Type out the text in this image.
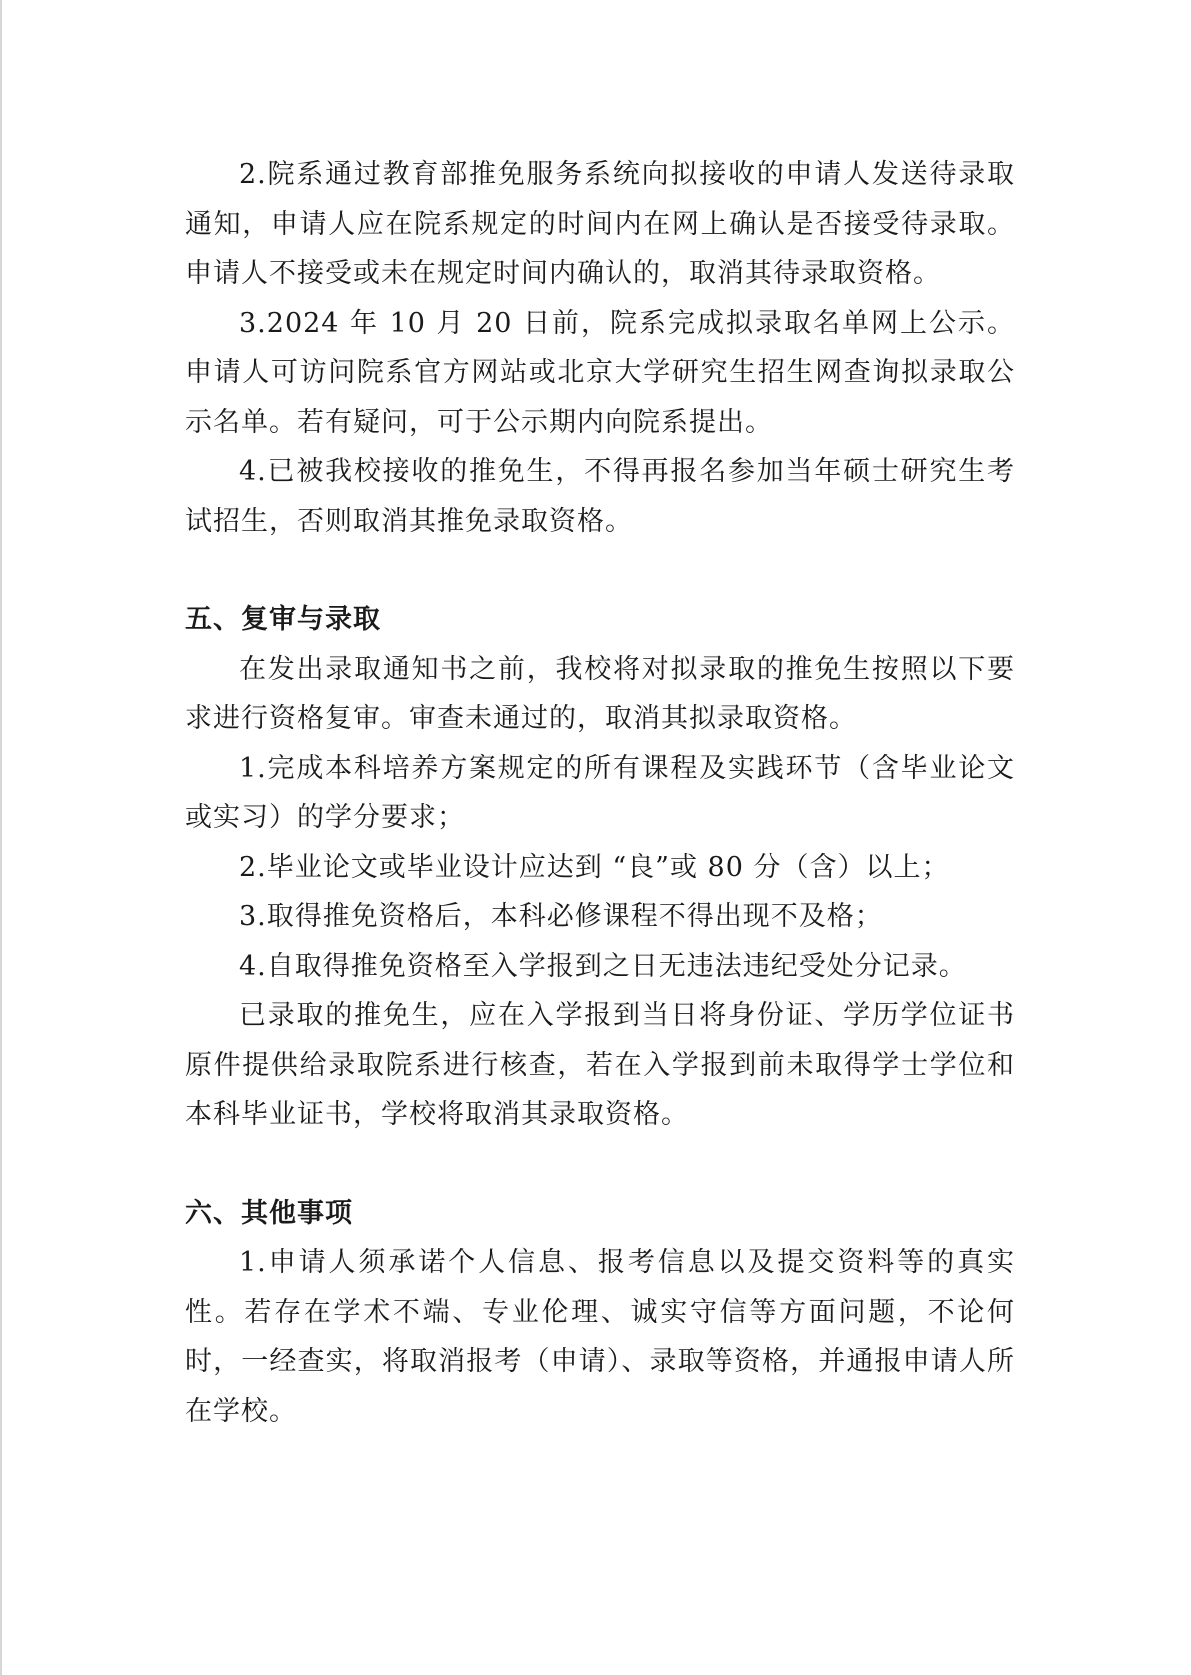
2.院系通过教育部推免服务系统向拟接收的申请人发送待录取通知，申请人应在院系规定的时间内在网上确认是否接受待录取。申请人不接受或未在规定时间内确认的，取消其待录取资格。

3.2024 年 10 月 20 日前，院系完成拟录取名单网上公示。申请人可访问院系官方网站或北京大学研究生招生网查询拟录取公示名单。若有疑问，可于公示期内向院系提出。

4.已被我校接收的推免生，不得再报名参加当年硕士研究生考试招生，否则取消其推免录取资格。

五、复审与录取

在发出录取通知书之前，我校将对拟录取的推免生按照以下要求进行资格复审。审查未通过的，取消其拟录取资格。

1.完成本科培养方案规定的所有课程及实践环节（含毕业论文或实习）的学分要求；

2.毕业论文或毕业设计应达到 “良”或 80 分（含）以上；

3.取得推免资格后，本科必修课程不得出现不及格；

4.自取得推免资格至入学报到之日无违法违纪受处分记录。

已录取的推免生，应在入学报到当日将身份证、学历学位证书原件提供给录取院系进行核查，若在入学报到前未取得学士学位和本科毕业证书，学校将取消其录取资格。

六、其他事项

1.申请人须承诺个人信息、报考信息以及提交资料等的真实性。若存在学术不端、专业伦理、诚实守信等方面问题，不论何时，一经查实，将取消报考（申请）、录取等资格，并通报申请人所在学校。
